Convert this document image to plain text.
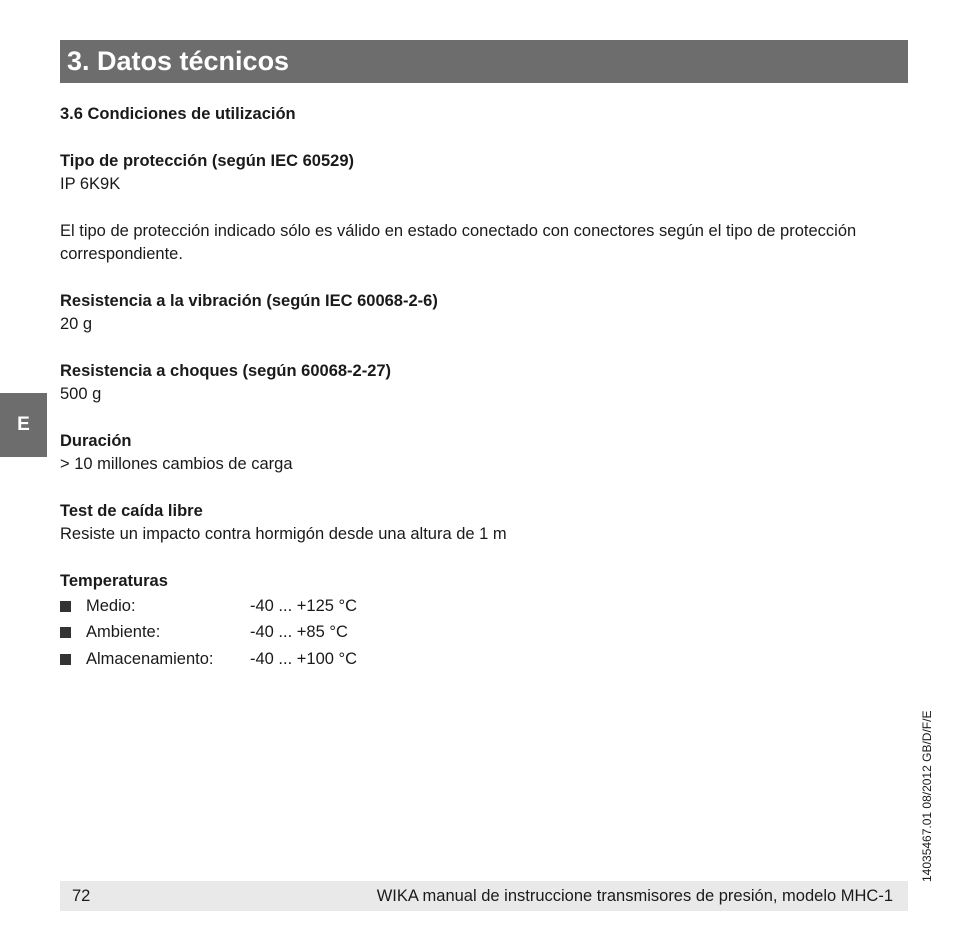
3. Datos técnicos
E
3.6 Condiciones de utilización
Tipo de protección (según IEC 60529)

IP 6K9K

El tipo de protección indicado sólo es válido en estado conectado con conectores según el tipo de protección correspondiente.

Resistencia a la vibración (según IEC 60068-2-6)

20 g

Resistencia a choques (según 60068-2-27)

500 g

Duración

> 10 millones cambios de carga

Test de caída libre

Resiste un impacto contra hormigón desde una altura de 1 m

Temperaturas
Medio:	-40 ... +125 °C
Ambiente:	-40 ... +85 °C
Almacenamiento:	-40 ... +100 °C
14035467.01 08/2012 GB/D/F/E
72	WIKA manual de instruccione transmisores de presión, modelo MHC-1
